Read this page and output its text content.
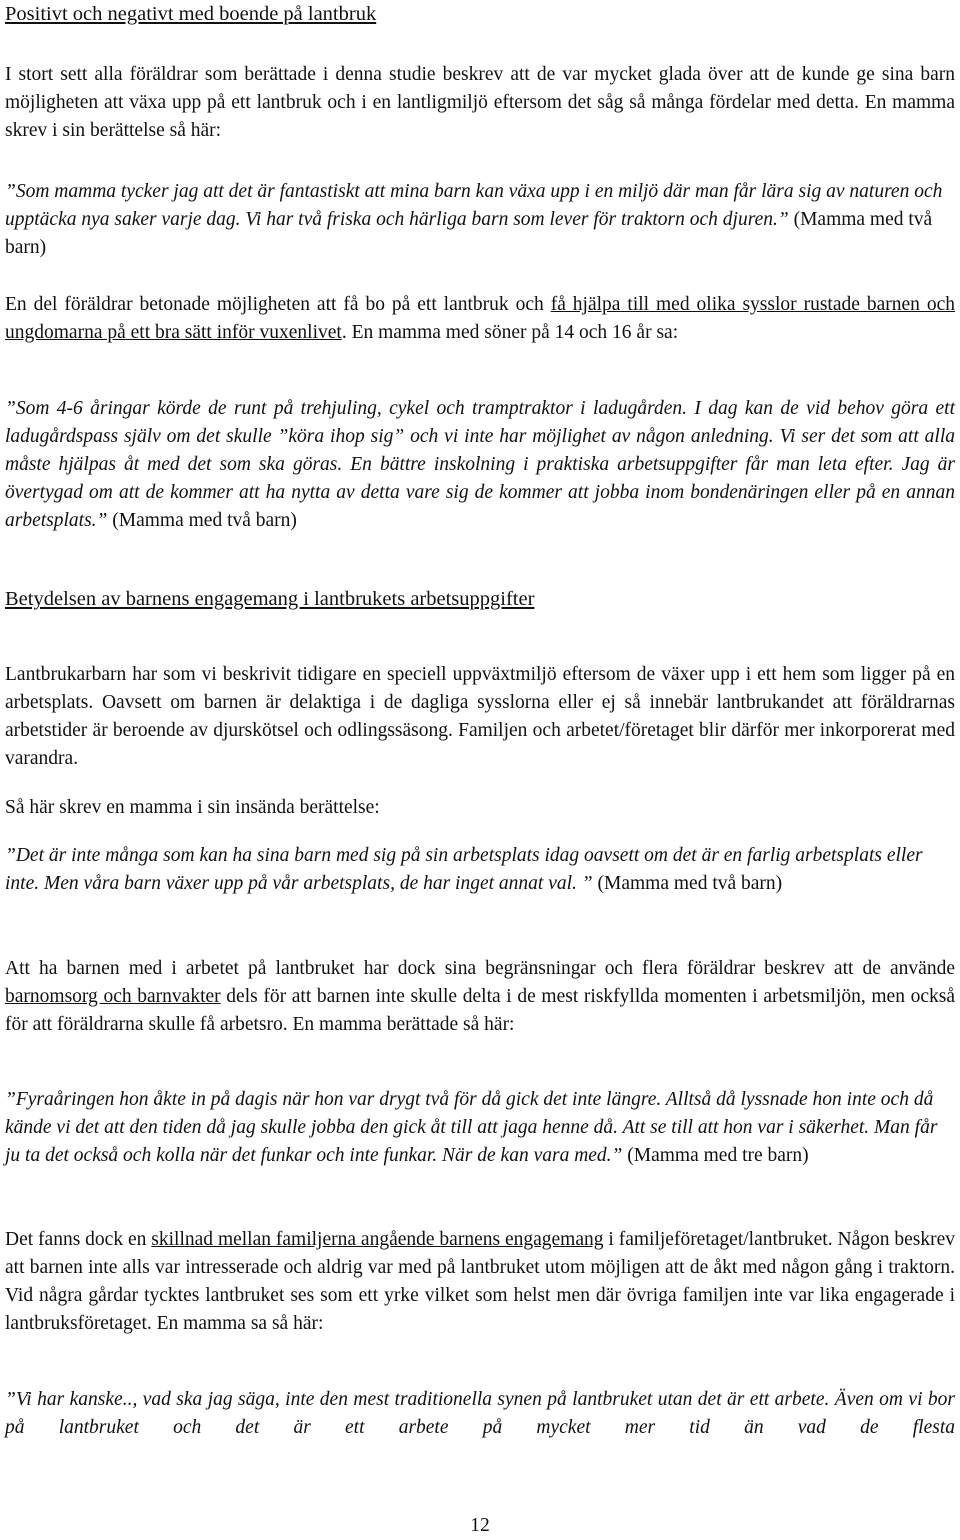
Positivt och negativt med boende på lantbruk

I stort sett alla föräldrar som berättade i denna studie beskrev att de var mycket glada över att de kunde ge sina barn möjligheten att växa upp på ett lantbruk och i en lantligmiljö eftersom det såg så många fördelar med detta. En mamma skrev i sin berättelse så här:

”Som mamma tycker jag att det är fantastiskt att mina barn kan växa upp i en miljö där man får lära sig av naturen och upptäcka nya saker varje dag. Vi har två friska och härliga barn som lever för traktorn och djuren.” (Mamma med två barn)

En del föräldrar betonade möjligheten att få bo på ett lantbruk och få hjälpa till med olika sysslor rustade barnen och ungdomarna på ett bra sätt inför vuxenlivet. En mamma med söner på 14 och 16 år sa:

”Som 4-6 åringar körde de runt på trehjuling, cykel och tramptraktor i ladugården. I dag kan de vid behov göra ett ladugårdspass själv om det skulle ”köra ihop sig” och vi inte har möjlighet av någon anledning. Vi ser det som att alla måste hjälpas åt med det som ska göras. En bättre inskolning i praktiska arbetsuppgifter får man leta efter. Jag är övertygad om att de kommer att ha nytta av detta vare sig de kommer att jobba inom bondenäringen eller på en annan arbetsplats.” (Mamma med två barn)

Betydelsen av barnens engagemang i lantbrukets arbetsuppgifter

Lantbrukarbarn har som vi beskrivit tidigare en speciell uppväxtmiljö eftersom de växer upp i ett hem som ligger på en arbetsplats. Oavsett om barnen är delaktiga i de dagliga sysslorna eller ej så innebär lantbrukandet att föräldrarnas arbetstider är beroende av djurskötsel och odlingssäsong. Familjen och arbetet/företaget blir därför mer inkorporerat med varandra.

Så här skrev en mamma i sin insända berättelse:

”Det är inte många som kan ha sina barn med sig på sin arbetsplats idag oavsett om det är en farlig arbetsplats eller inte. Men våra barn växer upp på vår arbetsplats, de har inget annat val. ” (Mamma med två barn)

Att ha barnen med i arbetet på lantbruket har dock sina begränsningar och flera föräldrar beskrev att de använde barnomsorg och barnvakter dels för att barnen inte skulle delta i de mest riskfyllda momenten i arbetsmiljön, men också för att föräldrarna skulle få arbetsro. En mamma berättade så här:

”Fyraåringen hon åkte in på dagis när hon var drygt två för då gick det inte längre. Alltså då lyssnade hon inte och då kände vi det att den tiden då jag skulle jobba den gick åt till att jaga henne då. Att se till att hon var i säkerhet. Man får ju ta det också och kolla när det funkar och inte funkar. När de kan vara med.” (Mamma med tre barn)

Det fanns dock en skillnad mellan familjerna angående barnens engagemang i familjeföretaget/lantbruket. Någon beskrev att barnen inte alls var intresserade och aldrig var med på lantbruket utom möjligen att de åkt med någon gång i traktorn. Vid några gårdar tycktes lantbruket ses som ett yrke vilket som helst men där övriga familjen inte var lika engagerade i lantbruksföretaget. En mamma sa så här:

”Vi har kanske.., vad ska jag säga, inte den mest traditionella synen på lantbruket utan det är ett arbete. Även om vi bor på lantbruket och det är ett arbete på mycket mer tid än vad de flesta

12
